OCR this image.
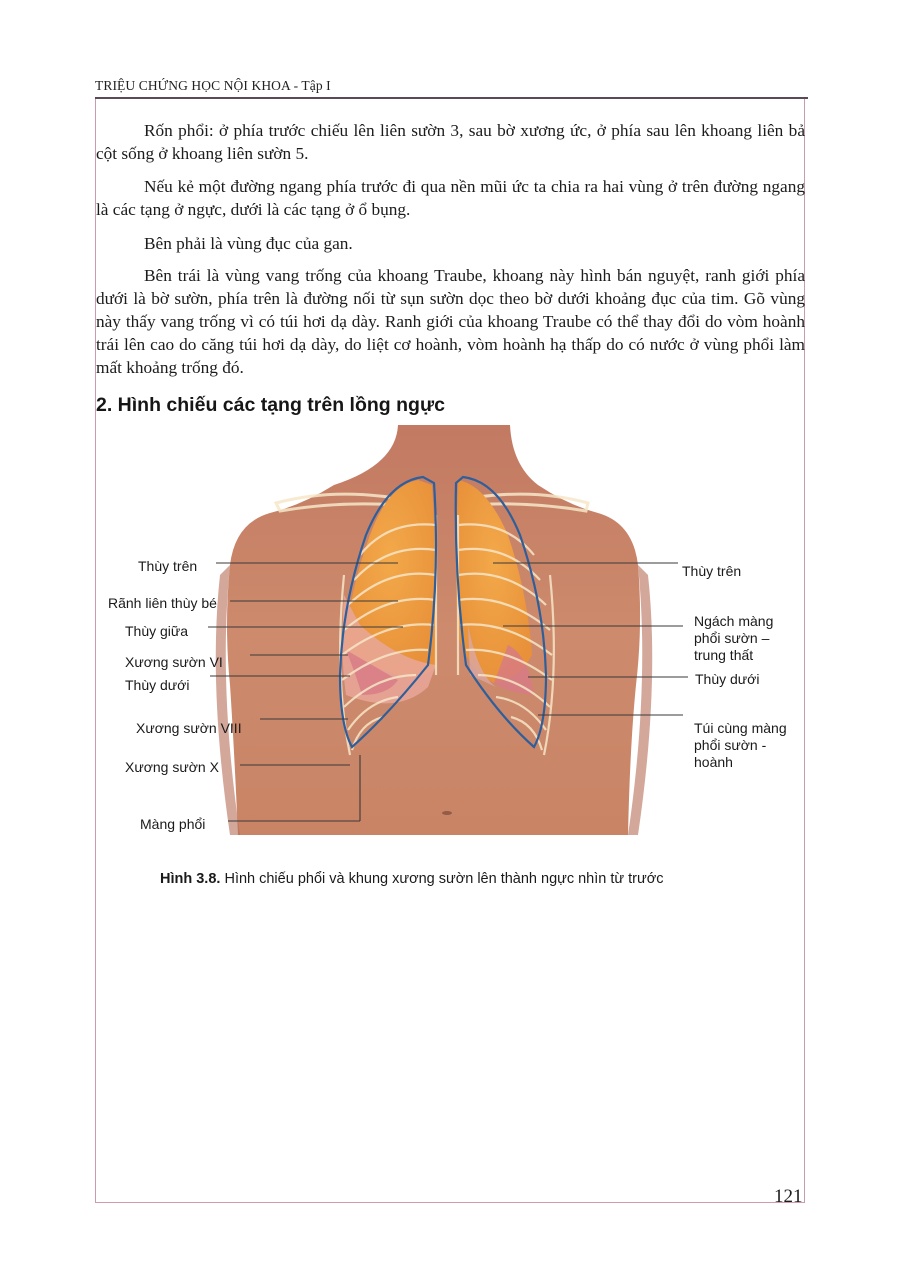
TRIỆU CHỨNG HỌC NỘI KHOA - Tập I
Rốn phổi: ở phía trước chiếu lên liên sườn 3, sau bờ xương ức, ở phía sau lên khoang liên bả cột sống ở khoang liên sườn 5.
Nếu kẻ một đường ngang phía trước đi qua nền mũi ức ta chia ra hai vùng ở trên đường ngang là các tạng ở ngực, dưới là các tạng ở ổ bụng.
Bên phải là vùng đục của gan.
Bên trái là vùng vang trống của khoang Traube, khoang này hình bán nguyệt, ranh giới phía dưới là bờ sườn, phía trên là đường nối từ sụn sườn dọc theo bờ dưới khoảng đục của tim. Gõ vùng này thấy vang trống vì có túi hơi dạ dày. Ranh giới của khoang Traube có thể thay đổi do vòm hoành trái lên cao do căng túi hơi dạ dày, do liệt cơ hoành, vòm hoành hạ thấp do có nước ở vùng phổi làm mất khoảng trống đó.
2. Hình chiếu các tạng trên lồng ngực
Thùy trên
Rãnh liên thùy bé
Thùy giữa
Xương sườn VI
Thùy dưới
Xương sườn VIII
Xương sườn X
Màng phổi
Thùy trên
Ngách màng
phổi sườn –
trung thất
Thùy dưới
Túi cùng màng
phổi sườn -
hoành
Hình 3.8. Hình chiếu phổi và khung xương sườn lên thành ngực nhìn từ trước
121
